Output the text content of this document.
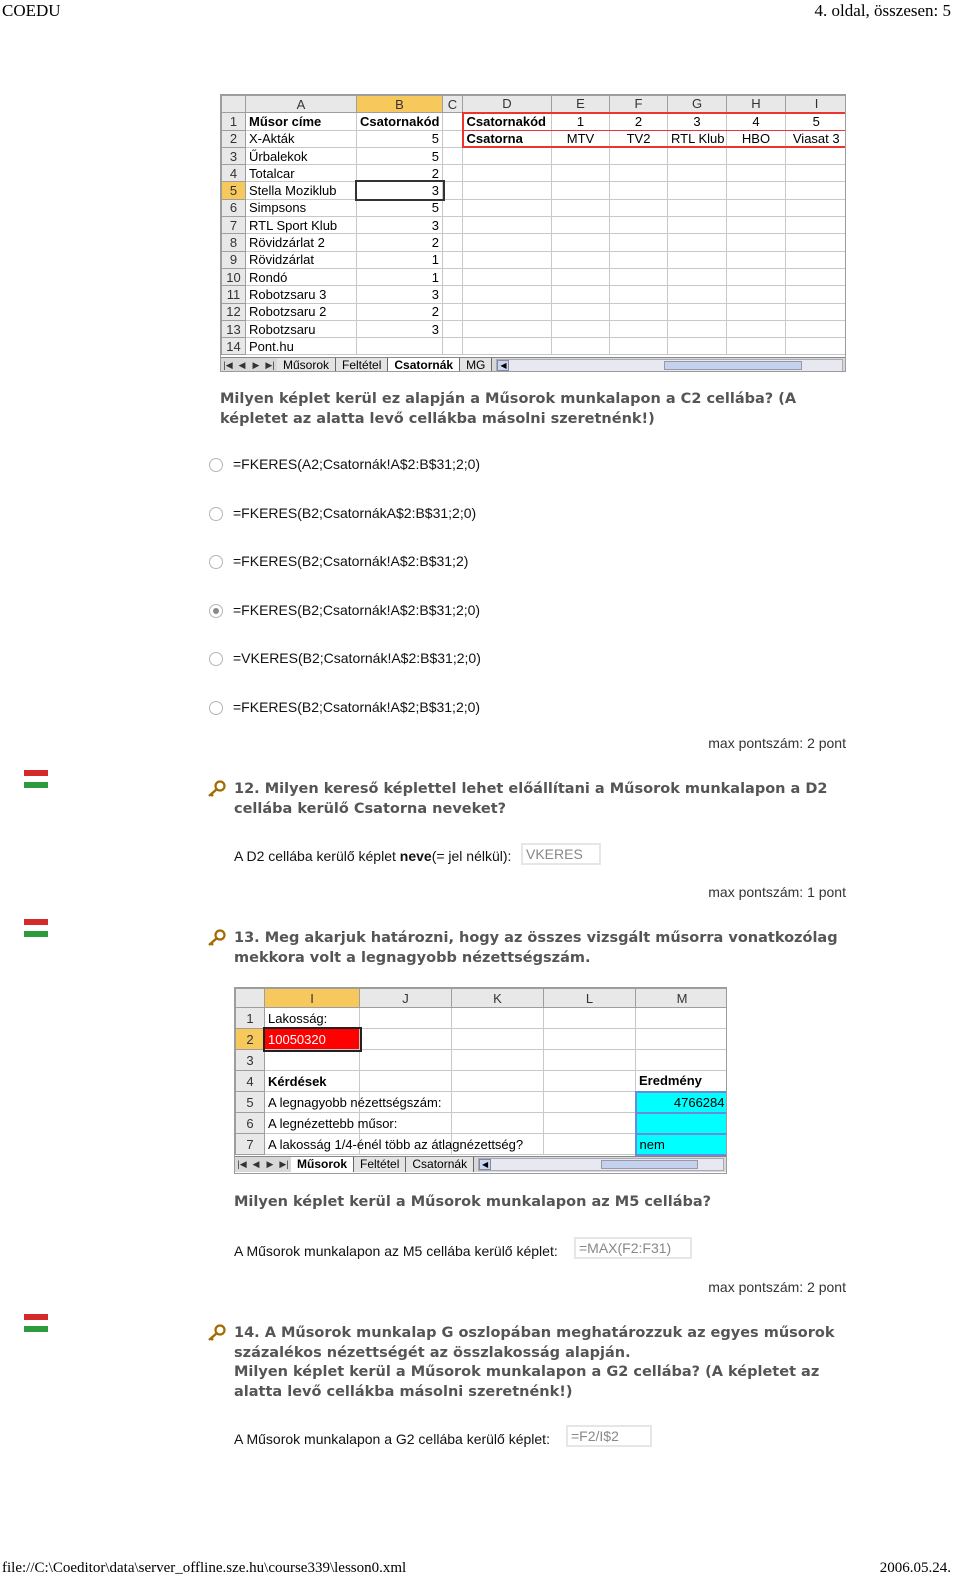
COEDU	4. oldal, összesen: 5
	A	B	C	D	E	F	G	H	I
1	Műsor címe	Csatornakód		Csatornakód	1	2	3	4	5
2	X-Akták	5		Csatorna	MTV	TV2	RTL Klub	HBO	Viasat 3
3	Űrbalekok	5							
4	Totalcar	2							
5	Stella Moziklub	3							
6	Simpsons	5							
7	RTL Sport Klub	3							
8	Rövidzárlat 2	2							
9	Rövidzárlat	1							
10	Rondó	1							
11	Robotzsaru 3	3							
12	Robotzsaru 2	2							
13	Robotzsaru	3							
14	Pont.hu								
|◀ ◀ ▶ ▶| Műsorok	Feltétel	Csatornák	MG	◀
Milyen képlet kerül ez alapján a Műsorok munkalapon a C2 cellába? (A
képletet az alatta levő cellákba másolni szeretnénk!)
=FKERES(A2;Csatornák!A$2:B$31;2;0)
=FKERES(B2;CsatornákA$2:B$31;2;0)
=FKERES(B2;Csatornák!A$2:B$31;2)
=FKERES(B2;Csatornák!A$2:B$31;2;0)
=VKERES(B2;Csatornák!A$2:B$31;2;0)
=FKERES(B2;Csatornák!A$2;B$31;2;0)
max pontszám: 2 pont
12. Milyen kereső képlettel lehet előállítani a Műsorok munkalapon a D2
cellába kerülő Csatorna neveket?
A D2 cellába kerülő képlet neve(= jel nélkül):	VKERES
max pontszám: 1 pont
13. Meg akarjuk határozni, hogy az összes vizsgált műsorra vonatkozólag
mekkora volt a legnagyobb nézettségszám.
	I	J	K	L	M
1	Lakosság:				
2	10050320				
3					
4	Kérdések				Eredmény
5	A legnagyobb nézettségszám:				4766284
6	A legnézettebb műsor:				
7	A lakosság 1/4-énél több az átlagnézettség?				nem
|◀ ◀ ▶ ▶| Műsorok	Feltétel	Csatornák	◀
Milyen képlet kerül a Műsorok munkalapon az M5 cellába?
A Műsorok munkalapon az M5 cellába kerülő képlet:	=MAX(F2:F31)
max pontszám: 2 pont
14. A Műsorok munkalap G oszlopában meghatározzuk az egyes műsorok
százalékos nézettségét az összlakosság alapján.
Milyen képlet kerül a Műsorok munkalapon a G2 cellába? (A képletet az
alatta levő cellákba másolni szeretnénk!)
A Műsorok munkalapon a G2 cellába kerülő képlet:	=F2/I$2
file://C:\Coeditor\data\server_offline.sze.hu\course339\lesson0.xml	2006.05.24.
